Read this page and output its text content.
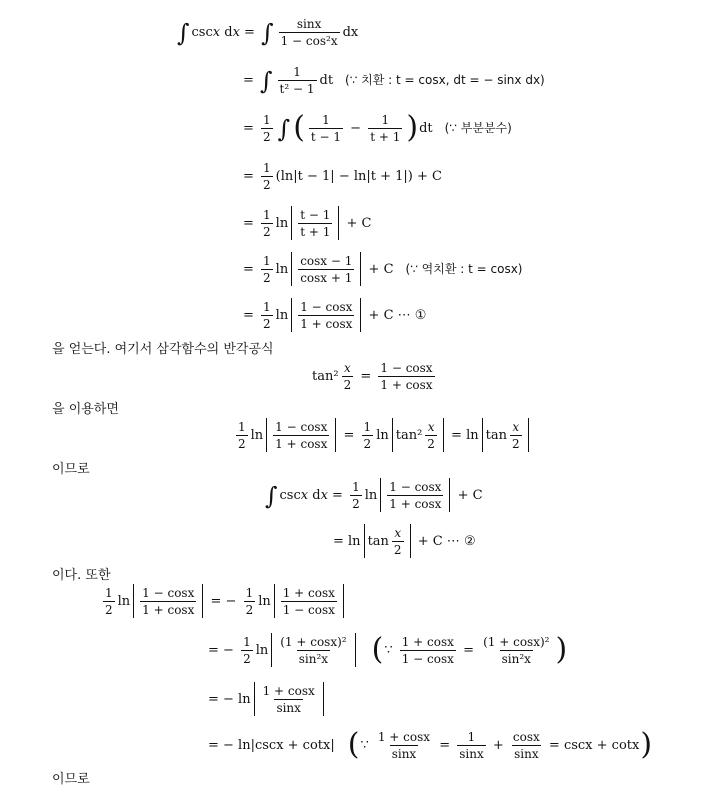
∫ cscx dx = ∫ $\frac{\sin x}{\text{1 − cos²x}}$ dx
= ∫ $\frac{1}{\text{t² − 1}}$ dt (∵ 치환 : t = cosx, dt = − sinx dx)
= $\frac{1}{2}$ ∫ ( $\frac{1}{t - 1} - \frac{1}{t + 1}$ ) dt (∵ 부분분수)
= $\frac{1}{2} (\ln|t - 1| - \ln|t + 1|) + C$
= $\frac{1}{2}$ $\ln \frac{t - 1}{t + 1}$
+ C
= $\frac{1}{2}$ $\ln \frac{\cos x - 1}{\cos x + 1}$
+ C (∵ 역치환 : t = cosx)
= $\frac{1}{2}$ $\ln \frac{1 - \cos x}{1 + \cos x}$
+ C ⋯ ①
을 얻는다. 여기서 삼각함수의 반각공식
$\tan^2 \frac{x}{2} = \frac{1 - \cos x}{1 + \cos x}$
을 이용하면
$\frac{1}{2}$ $\ln \frac{1 - \cos x}{1 + \cos x} = \frac{1}{2}$ $\ln \tan^2 \frac{x}{2} = \ln \tan \frac{x}{2}$
이므로
∫ cscx dx = $\frac{1}{2}$ $\ln \frac{1 - \cos x}{1 + \cos x}$
+ C
= $\ln \tan \frac{x}{2}$
+ C ⋯ ②
이다. 또한
$\frac{1}{2}$ $\ln \frac{1 - \cos x}{1 + \cos x}$ = − $\frac{1}{2}$ $\ln \frac{1 + \cos x}{1 - \cos x}$
= − $\frac{1}{2}$ $\ln \frac{\text{(1 + cosx)²}}{\text{sin²x}}$ ( ∵ $\frac{1 + \cos x}{1 - \cos x} = \frac{\text{(1 + cosx)²}}{\text{sin²x}}$ )
= − $\ln \frac{1 + \cos x}{\sin x}$
= − ln|cscx + cotx| ( ∵ $\frac{1 + \cos x}{\sin x} = \frac{1}{\sin x} + \frac{\cos x}{\sin x}$
= cscx + cotx )
이므로
